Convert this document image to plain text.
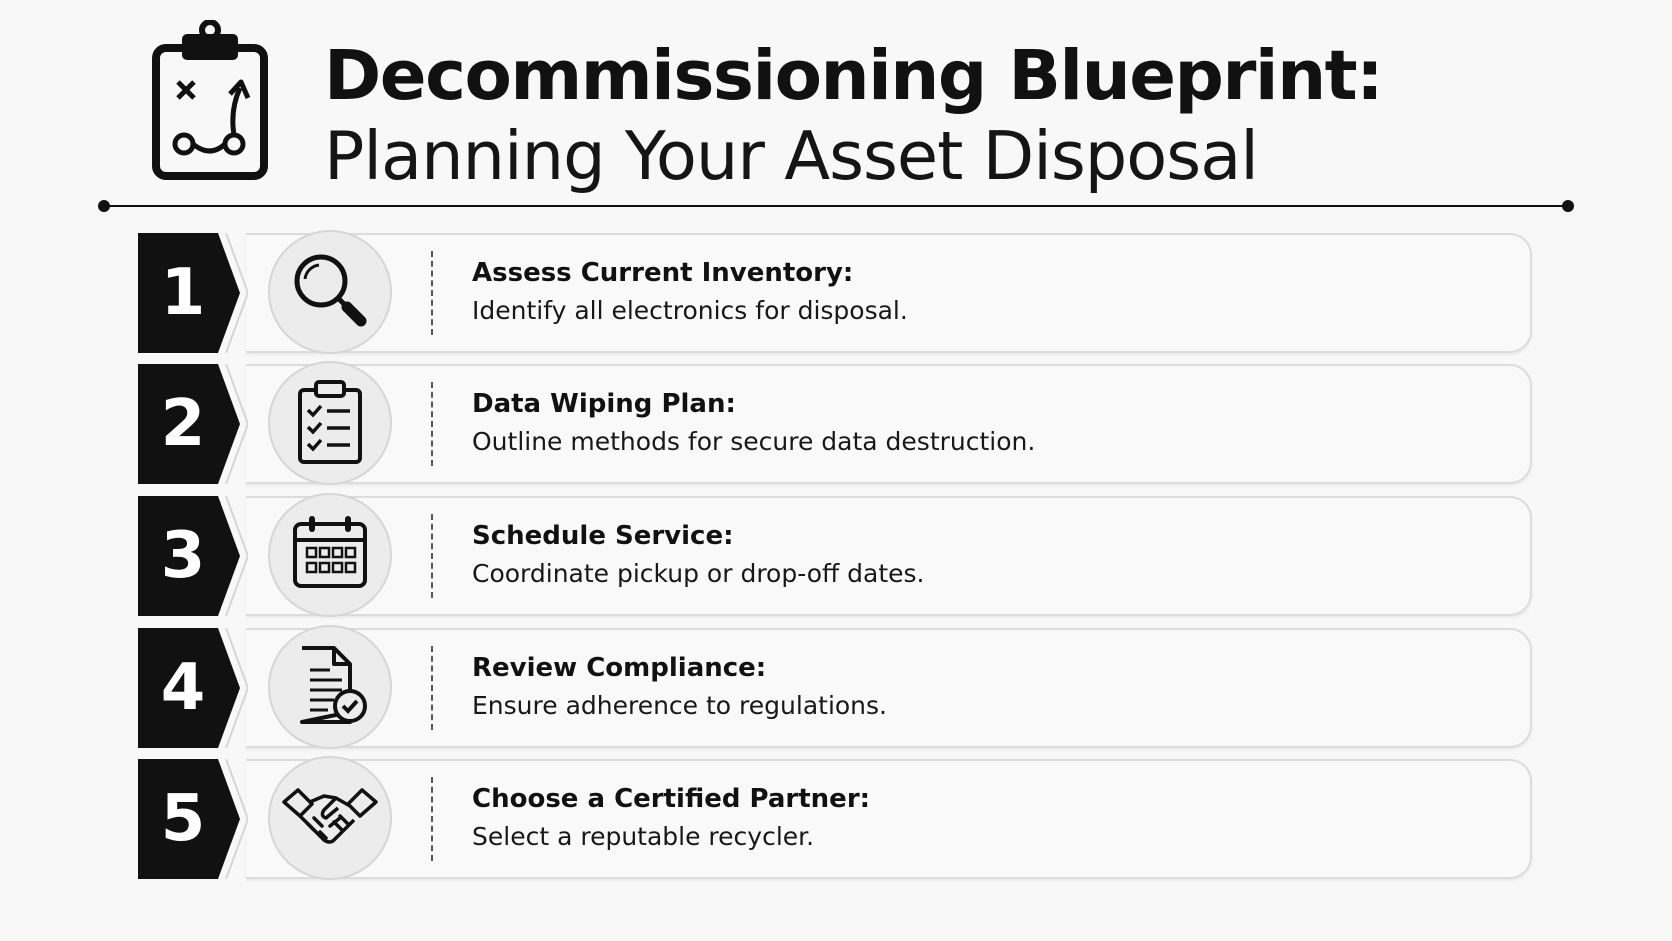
Decommissioning Blueprint:
Planning Your Asset Disposal
1	Assess Current Inventory:
Identify all electronics for disposal.
2	Data Wiping Plan:
Outline methods for secure data destruction.
3	Schedule Service:
Coordinate pickup or drop-off dates.
4	Review Compliance:
Ensure adherence to regulations.
5	Choose a Certified Partner:
Select a reputable recycler.
